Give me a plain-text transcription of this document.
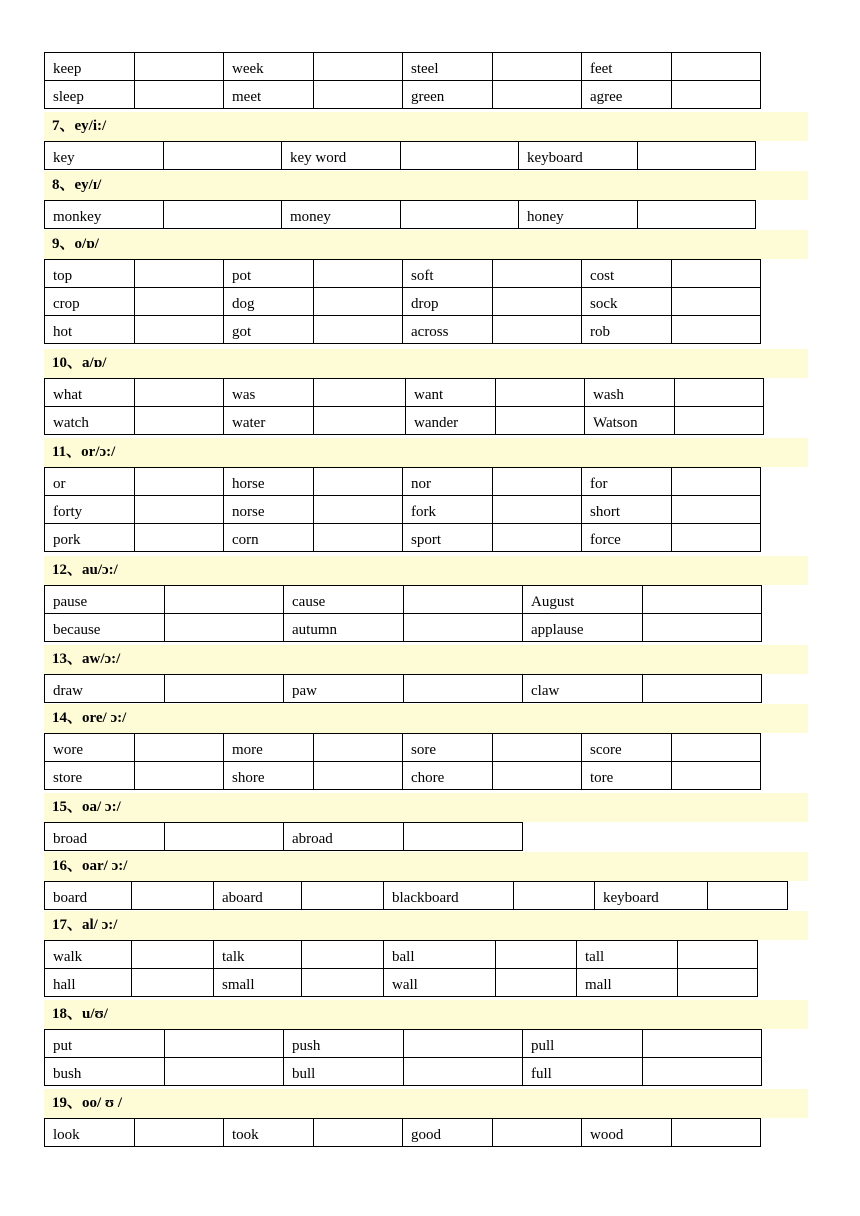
keep		week		steel		feet	
sleep		meet		green		agree	
7、ey/i:/
key		key word		keyboard	
8、ey/ɪ/
monkey		money		honey	
9、o/ɒ/
top		pot		soft		cost	
crop		dog		drop		sock	
hot		got		across		rob	
10、a/ɒ/
what		was		want		wash	
watch		water		wander		Watson	
11、or/ɔ:/
or		horse		nor		for	
forty		norse		fork		short	
pork		corn		sport		force	
12、au/ɔ:/
pause		cause		August	
because		autumn		applause	
13、aw/ɔ:/
draw		paw		claw	
14、ore/ ɔ:/
wore		more		sore		score	
store		shore		chore		tore	
15、oa/ ɔ:/
broad		abroad	
16、oar/ ɔ:/
board		aboard		blackboard		keyboard	
17、al/ ɔ:/
walk		talk		ball		tall	
hall		small		wall		mall	
18、u/ʊ/
put		push		pull	
bush		bull		full	
19、oo/ ʊ /
look		took		good		wood	
